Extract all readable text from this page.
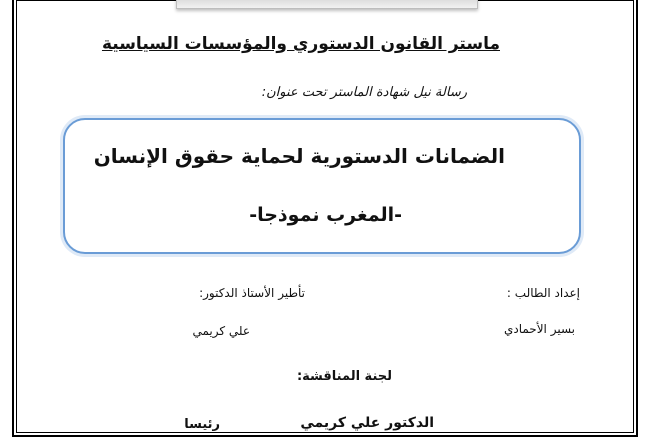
ماستر القانون الدستوري والمؤسسات السياسية
رسالة نيل شهادة الماستر تحت عنوان:
الضمانات الدستورية لحماية حقوق الإنسان
-المغرب نموذجا-
إعداد الطالب :
تأطير الأستاذ الدكتور:
بسير الأحمادي
علي كريمي
لجنة المناقشة:
الدكتور علي كريمي
رئيسا
